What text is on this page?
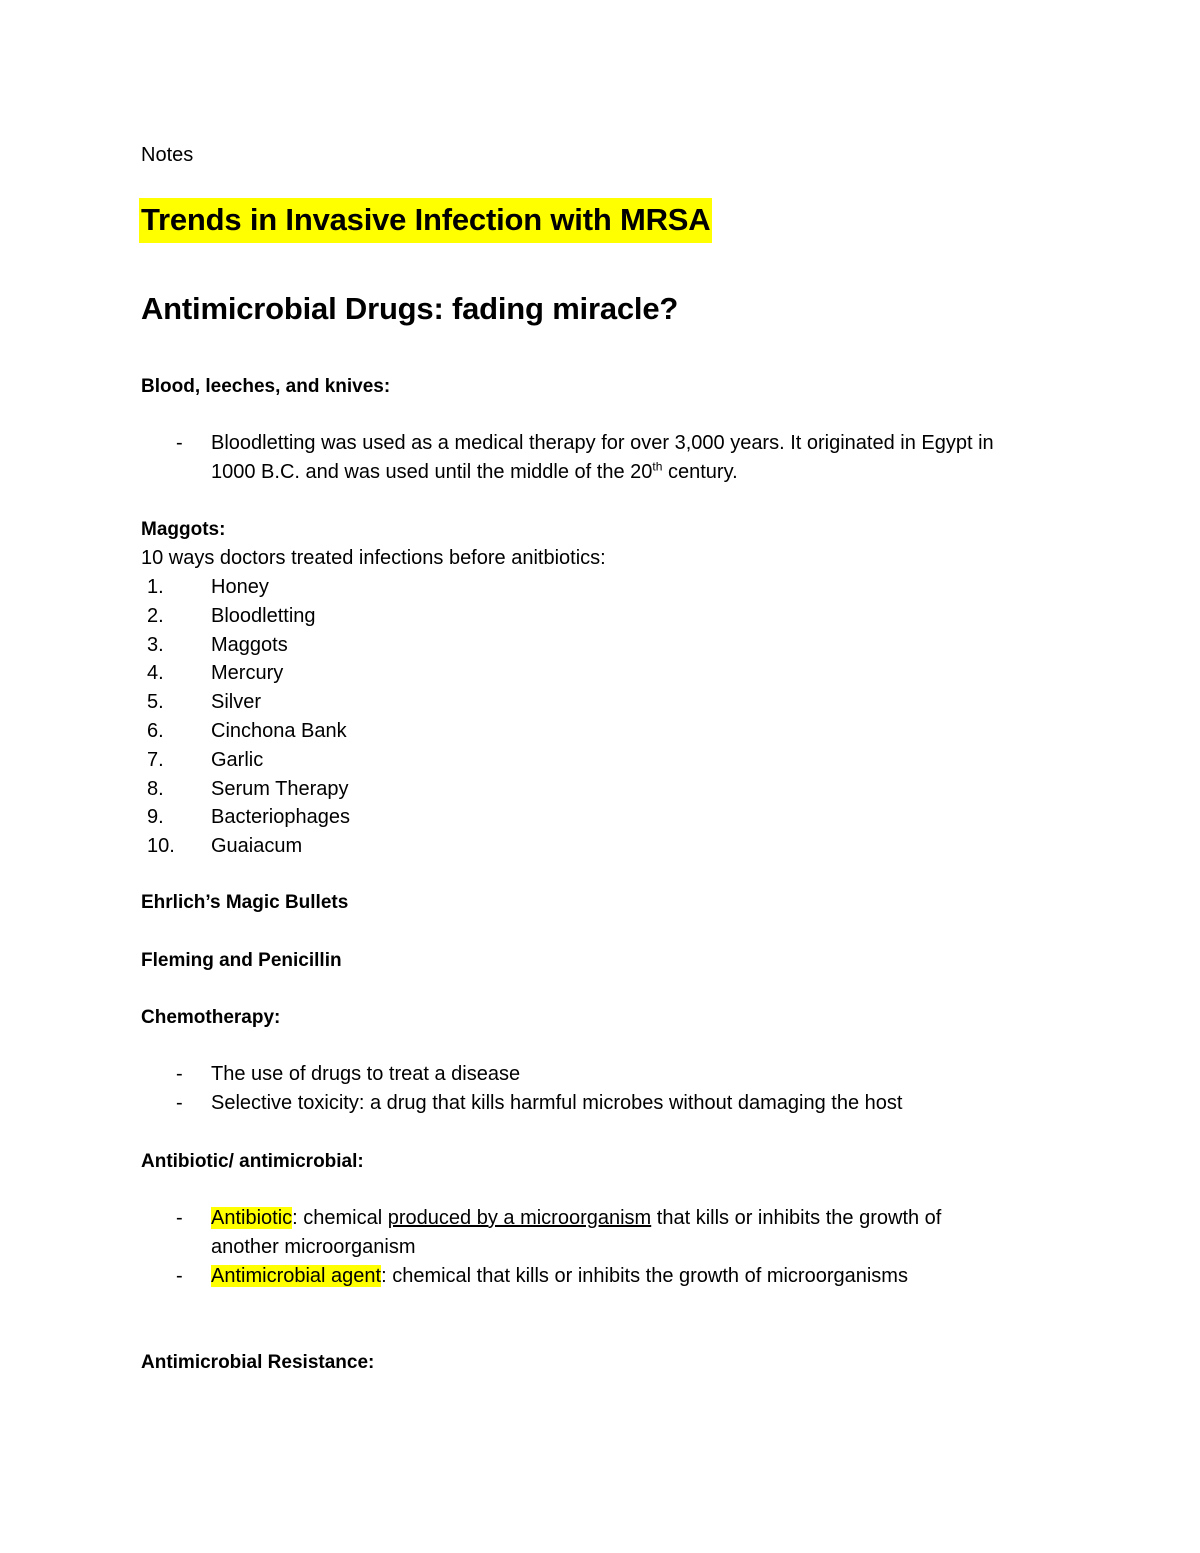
Notes
Trends in Invasive Infection with MRSA
Antimicrobial Drugs: fading miracle?
Blood, leeches, and knives:
-	Bloodletting was used as a medical therapy for over 3,000 years. It originated in Egypt in
1000 B.C. and was used until the middle of the 20th century.
Maggots:
10 ways doctors treated infections before anitbiotics:
1.	Honey
2.	Bloodletting
3.	Maggots
4.	Mercury
5.	Silver
6.	Cinchona Bank
7.	Garlic
8.	Serum Therapy
9.	Bacteriophages
10.	Guaiacum
Ehrlich’s Magic Bullets
Fleming and Penicillin
Chemotherapy:
-	The use of drugs to treat a disease
-	Selective toxicity: a drug that kills harmful microbes without damaging the host
Antibiotic/ antimicrobial:
-	Antibiotic: chemical produced by a microorganism that kills or inhibits the growth of
another microorganism
-	Antimicrobial agent: chemical that kills or inhibits the growth of microorganisms
Antimicrobial Resistance:
